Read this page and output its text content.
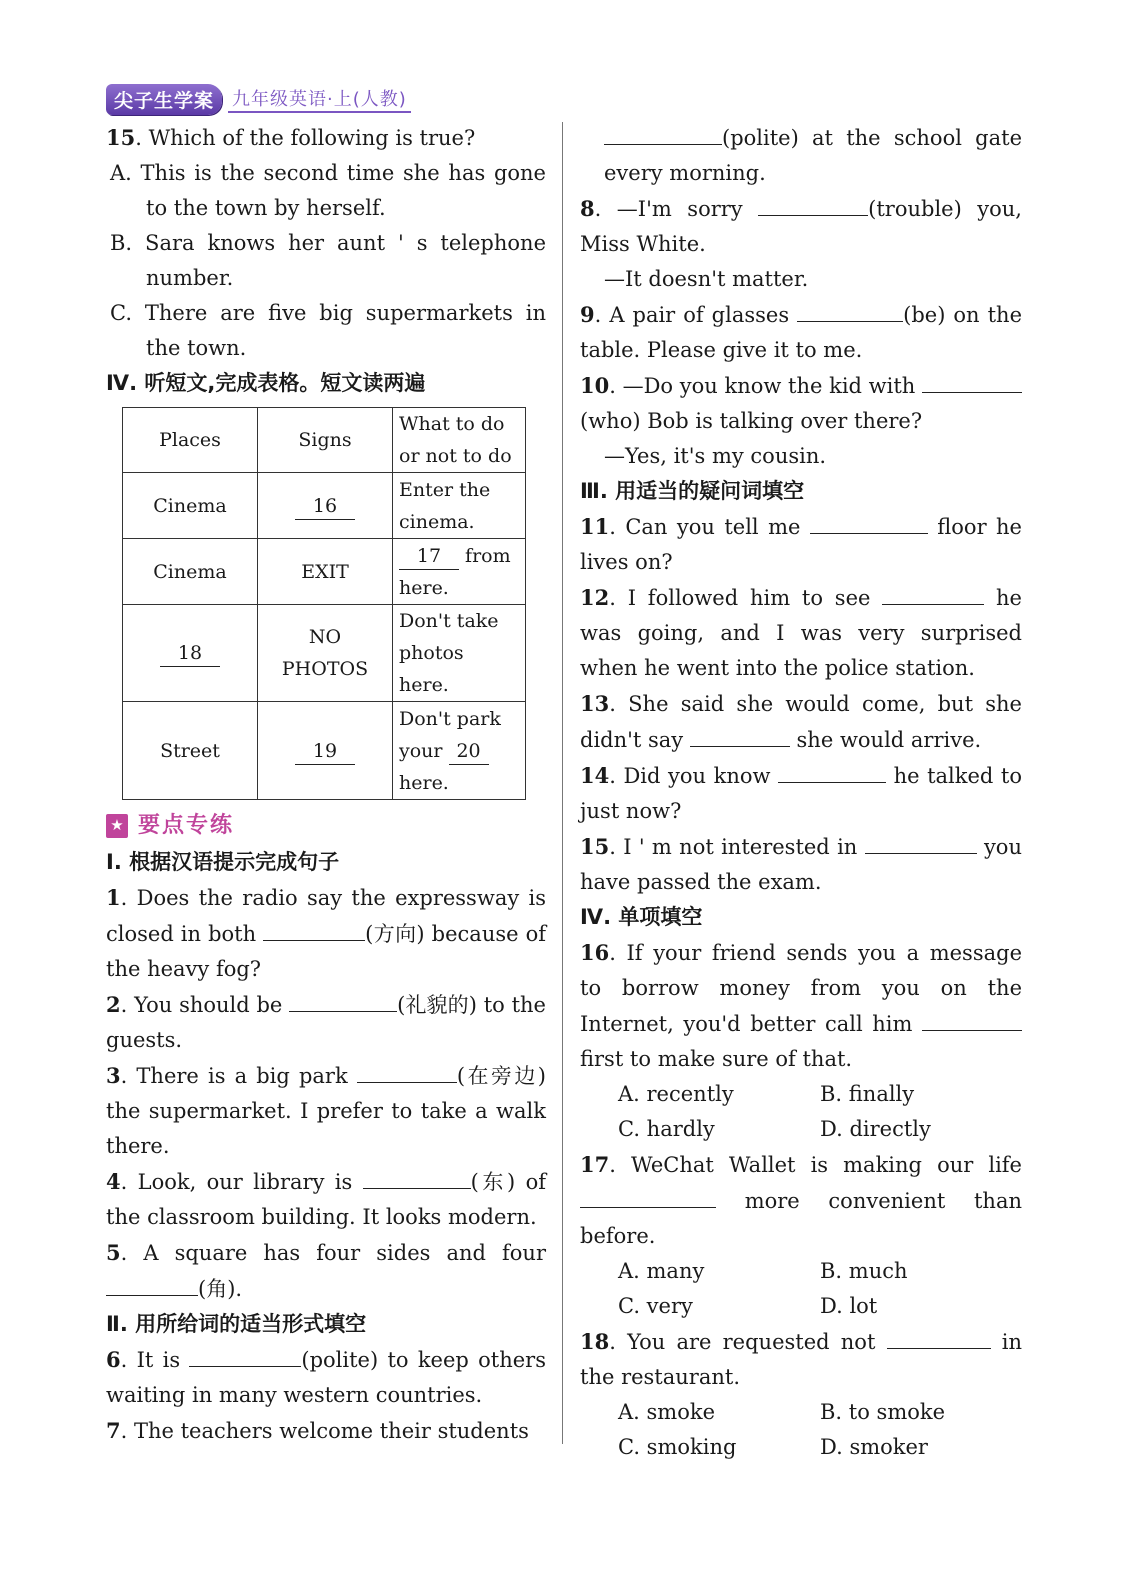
尖子生学案	九年级英语·上(人教)
15. Which of the following is true?
A. This is the second time she has gone to the town by herself.
B. Sara knows her aunt ' s telephone number.
C. There are five big supermarkets in the town.
Ⅳ. 听短文,完成表格。短文读两遍
Places	Signs	What to do or not to do
Cinema	16	Enter the cinema.
Cinema	EXIT	17 from here.
18	NO PHOTOS	Don't take photos here.
Street	19	Don't park your 20 here.
★ 要点专练
Ⅰ. 根据汉语提示完成句子
1. Does the radio say the expressway is closed in both	(方向) because of the heavy fog?
2. You should be	(礼貌的) to the guests.
3. There is a big park	(在旁边) the supermarket. I prefer to take a walk there.
4. Look, our library is	(东) of the classroom building. It looks modern.
5. A square has four sides and four (角).
Ⅱ. 用所给词的适当形式填空
6. It is	(polite) to keep others waiting in many western countries.
7. The teachers welcome their students
(polite) at the school gate every morning.
8. —I'm sorry	(trouble) you, Miss White.
—It doesn't matter.
9. A pair of glasses	(be) on the table. Please give it to me.
10. —Do you know the kid with (who) Bob is talking over there?
—Yes, it's my cousin.
Ⅲ. 用适当的疑问词填空
11. Can you tell me	floor he lives on?
12. I followed him to see	he was going, and I was very surprised when he went into the police station.
13. She said she would come, but she didn't say	she would arrive.
14. Did you know	he talked to just now?
15. I ' m not interested in	you have passed the exam.
Ⅳ. 单项填空
16. If your friend sends you a message to borrow money from you on the Internet, you'd better call him  first to make sure of that.
A. recently	B. finally
C. hardly	D. directly
17. WeChat Wallet is making our life  more convenient than before.
A. many	B. much
C. very	D. lot
18. You are requested not	in the restaurant.
A. smoke	B. to smoke
C. smoking	D. smoker
